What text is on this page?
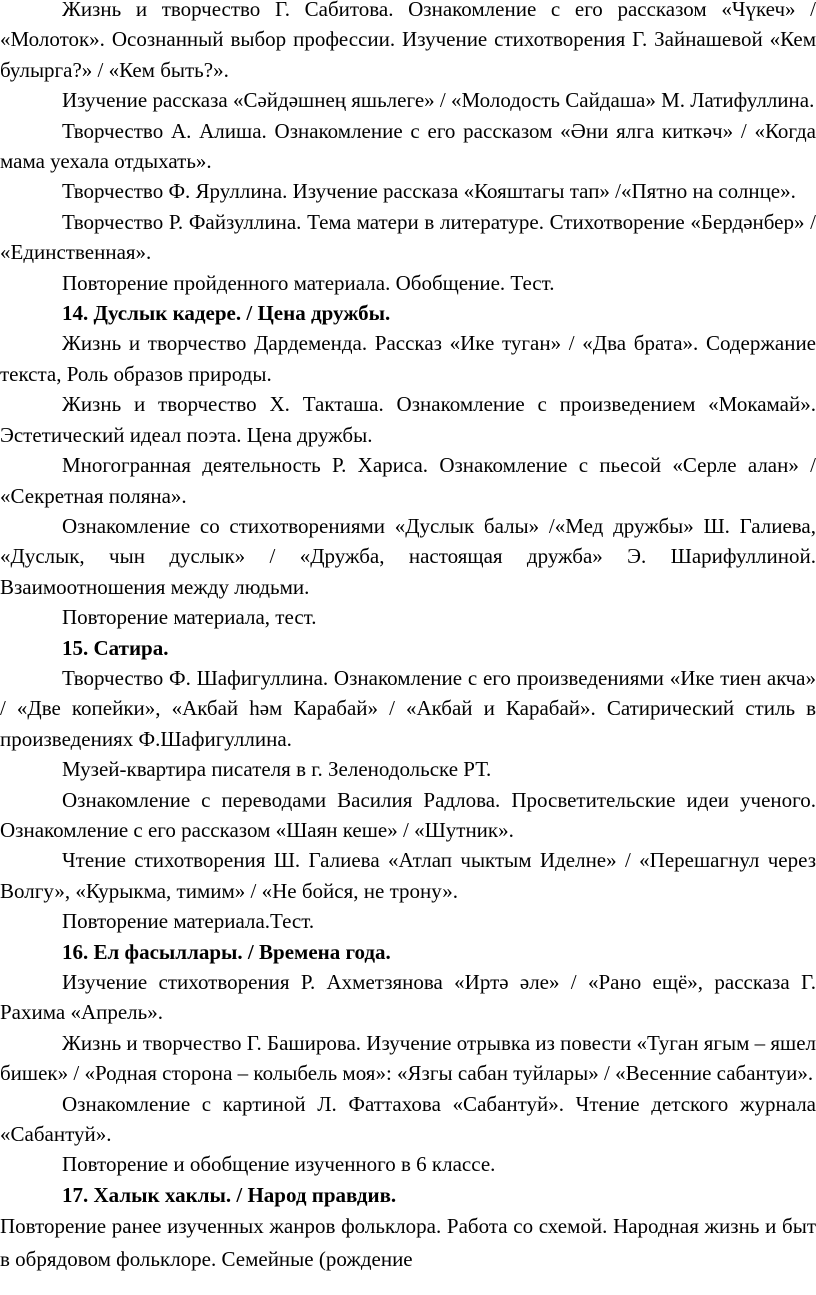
Жизнь и творчество Г. Сабитова. Ознакомление с его рассказом «Чүкеч» / «Молоток». Осознанный выбор профессии. Изучение стихотворения Г. Зайнашевой «Кем булырга?» / «Кем быть?».

Изучение рассказа «Сәйдәшнең яшьлеге» / «Молодость Сайдаша» М. Латифуллина.

Творчество А. Алиша. Ознакомление с его рассказом «Әни ялга киткәч» / «Когда мама уехала отдыхать».

Творчество Ф. Яруллина. Изучение рассказа «Кояштагы тап» /«Пятно на солнце».

Творчество Р. Файзуллина. Тема матери в литературе. Стихотворение «Бердәнбер» / «Единственная».

Повторение пройденного материала. Обобщение. Тест.

14. Дуслык кадере. / Цена дружбы.

Жизнь и творчество Дардеменда. Рассказ «Ике туган» / «Два брата». Содержание текста, Роль образов природы.

Жизнь и творчество Х. Такташа. Ознакомление с произведением «Мокамай». Эстетический идеал поэта. Цена дружбы.

Многогранная деятельность Р. Хариса. Ознакомление с пьесой «Серле алан» / «Секретная поляна».

Ознакомление со стихотворениями «Дуслык балы» /«Мед дружбы» Ш. Галиева, «Дуслык, чын дуслык» / «Дружба, настоящая дружба» Э. Шарифуллиной. Взаимоотношения между людьми.

Повторение материала, тест.

15. Сатира.

Творчество Ф. Шафигуллина. Ознакомление с его произведениями «Ике тиен акча» / «Две копейки», «Акбай һәм Карабай» / «Акбай и Карабай». Сатирический стиль в произведениях Ф.Шафигуллина.

Музей-квартира писателя в г. Зеленодольске РТ.

Ознакомление с переводами Василия Радлова. Просветительские идеи ученого. Ознакомление с его рассказом «Шаян кеше» / «Шутник».

Чтение стихотворения Ш. Галиева «Атлап чыктым Иделне» / «Перешагнул через Волгу», «Курыкма, тимим» / «Не бойся, не трону».

Повторение материала.Тест.

16. Ел фасыллары. / Времена года.

Изучение стихотворения Р. Ахметзянова «Иртә әле» / «Рано ещё», рассказа Г. Рахима «Апрель».

Жизнь и творчество Г. Баширова. Изучение отрывка из повести «Туган ягым – яшел бишек» / «Родная сторона – колыбель моя»: «Язгы сабан туйлары» / «Весенние сабантуи».

Ознакомление с картиной Л. Фаттахова «Сабантуй». Чтение детского журнала «Сабантуй».

Повторение и обобщение изученного в 6 классе.

17. Халык хаклы. / Народ правдив.

Повторение ранее изученных жанров фольклора. Работа со схемой. Народная жизнь и быт в обрядовом фольклоре. Семейные (рождение
